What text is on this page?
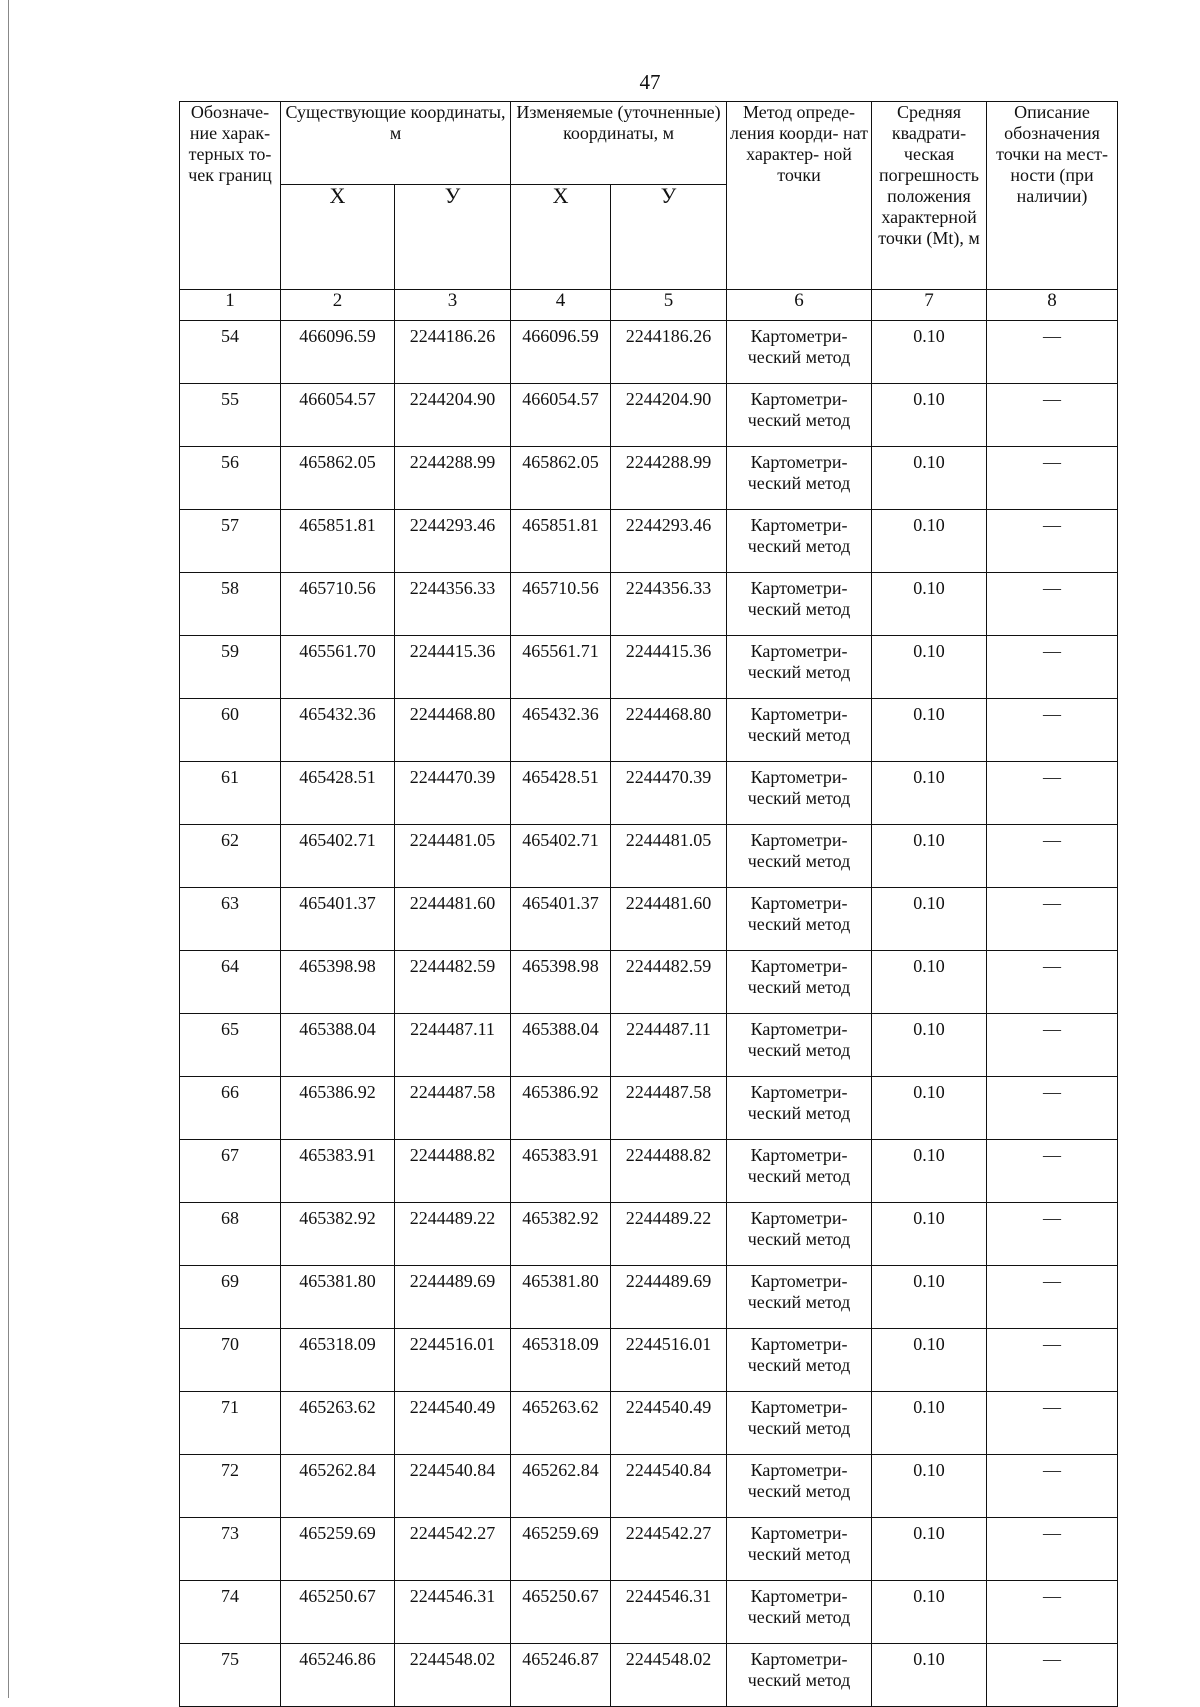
47
Обозначе- ние харак- терных то- чек границ	Существующие координаты, м		Изменяемые (уточненные) координаты, м		Метод опреде- ления коорди- нат характер- ной точки	Средняя квадрати- ческая погрешность положения характерной точки (Mt), м	Описание обозначения точки на мест- ности (при наличии)
	X	У	X	У			
1	2	3	4	5	6	7	8
54	466096.59	2244186.26	466096.59	2244186.26	Картометри- ческий метод	0.10	—
55	466054.57	2244204.90	466054.57	2244204.90	Картометри- ческий метод	0.10	—
56	465862.05	2244288.99	465862.05	2244288.99	Картометри- ческий метод	0.10	—
57	465851.81	2244293.46	465851.81	2244293.46	Картометри- ческий метод	0.10	—
58	465710.56	2244356.33	465710.56	2244356.33	Картометри- ческий метод	0.10	—
59	465561.70	2244415.36	465561.71	2244415.36	Картометри- ческий метод	0.10	—
60	465432.36	2244468.80	465432.36	2244468.80	Картометри- ческий метод	0.10	—
61	465428.51	2244470.39	465428.51	2244470.39	Картометри- ческий метод	0.10	—
62	465402.71	2244481.05	465402.71	2244481.05	Картометри- ческий метод	0.10	—
63	465401.37	2244481.60	465401.37	2244481.60	Картометри- ческий метод	0.10	—
64	465398.98	2244482.59	465398.98	2244482.59	Картометри- ческий метод	0.10	—
65	465388.04	2244487.11	465388.04	2244487.11	Картометри- ческий метод	0.10	—
66	465386.92	2244487.58	465386.92	2244487.58	Картометри- ческий метод	0.10	—
67	465383.91	2244488.82	465383.91	2244488.82	Картометри- ческий метод	0.10	—
68	465382.92	2244489.22	465382.92	2244489.22	Картометри- ческий метод	0.10	—
69	465381.80	2244489.69	465381.80	2244489.69	Картометри- ческий метод	0.10	—
70	465318.09	2244516.01	465318.09	2244516.01	Картометри- ческий метод	0.10	—
71	465263.62	2244540.49	465263.62	2244540.49	Картометри- ческий метод	0.10	—
72	465262.84	2244540.84	465262.84	2244540.84	Картометри- ческий метод	0.10	—
73	465259.69	2244542.27	465259.69	2244542.27	Картометри- ческий метод	0.10	—
74	465250.67	2244546.31	465250.67	2244546.31	Картометри- ческий метод	0.10	—
75	465246.86	2244548.02	465246.87	2244548.02	Картометри- ческий метод	0.10	—
